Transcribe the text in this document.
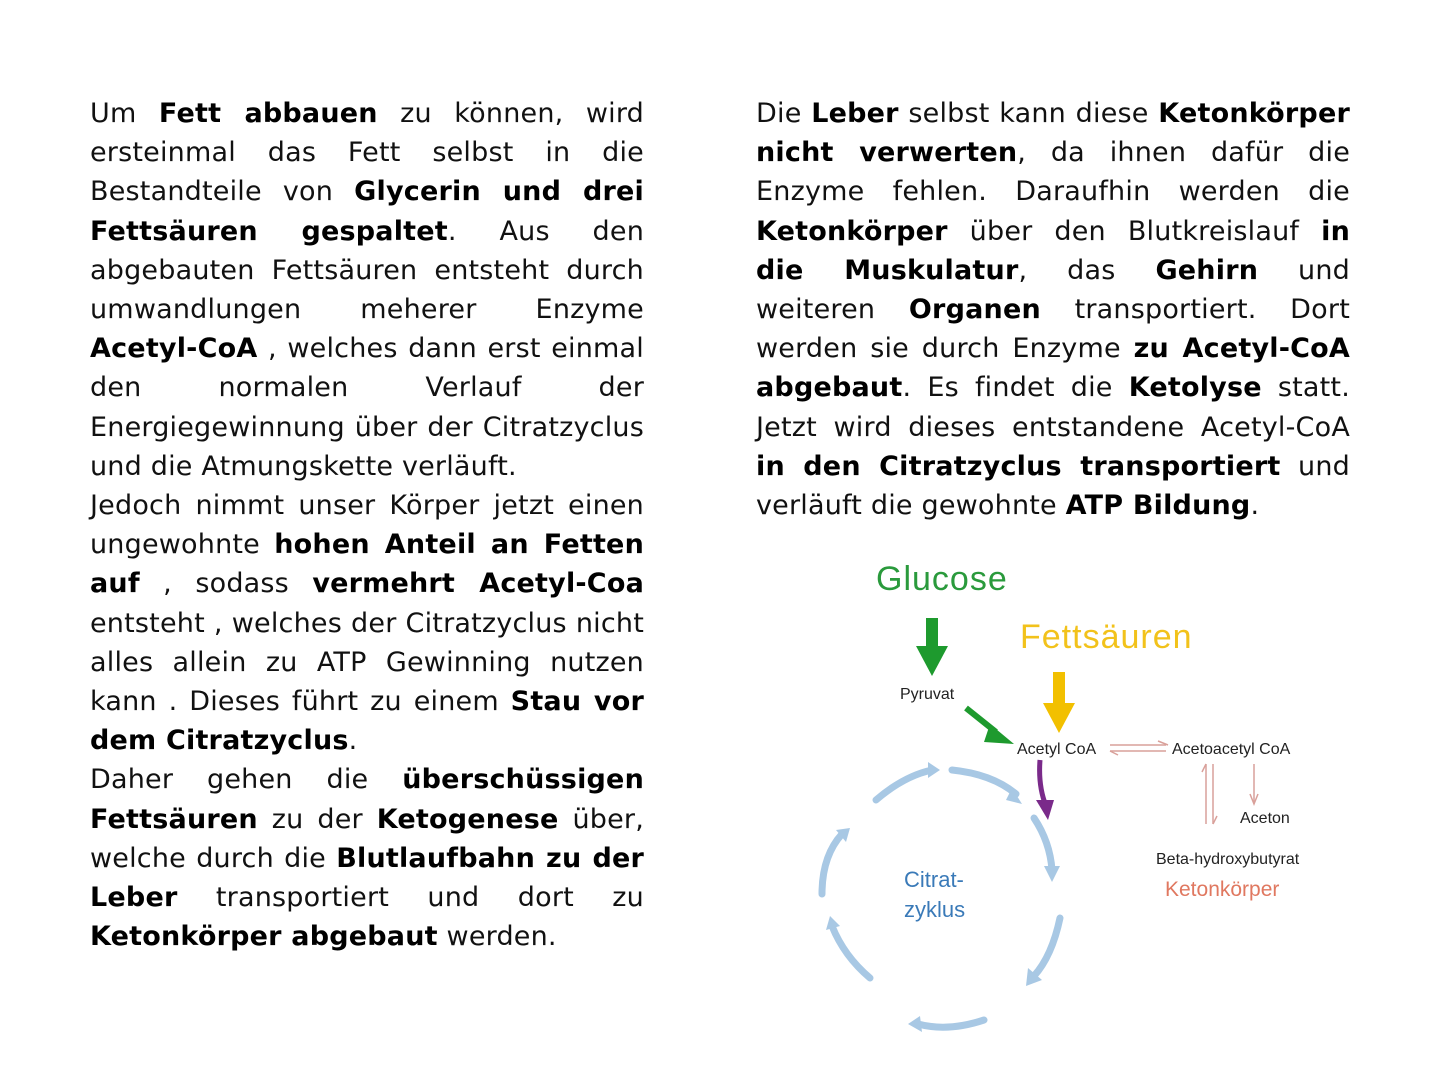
Um Fett abbauen zu können, wird ersteinmal das Fett selbst in die Bestandteile von Glycerin und drei Fettsäuren gespaltet. Aus den abgebauten Fettsäuren entsteht durch umwandlungen meherer Enzyme Acetyl-CoA , welches dann erst einmal den normalen Verlauf der Energiegewinnung über der Citratzyclus und die Atmungskette verläuft.

Jedoch nimmt unser Körper jetzt einen ungewohnte hohen Anteil an Fetten auf , sodass vermehrt Acetyl-Coa entsteht , welches der Citratzyclus nicht alles allein zu ATP Gewinning nutzen kann . Dieses führt zu einem Stau vor dem Citratzyclus.

Daher gehen die überschüssigen Fettsäuren zu der Ketogenese über, welche durch die Blutlaufbahn zu der Leber transportiert und dort zu Ketonkörper abgebaut werden.

Die Leber selbst kann diese Ketonkörper nicht verwerten, da ihnen dafür die Enzyme fehlen. Daraufhin werden die Ketonkörper über den Blutkreislauf in die Muskulatur, das Gehirn und weiteren Organen transportiert. Dort werden sie durch Enzyme zu Acetyl-CoA abgebaut. Es findet die Ketolyse statt. Jetzt wird dieses entstandene Acetyl-CoA in den Citratzyclus transportiert und verläuft die gewohnte ATP Bildung.

Glucose
Fettsäuren
Pyruvat
Acetyl CoA	Acetoacetyl CoA
Aceton
Beta-hydroxybutyrat
Ketonkörper
Citrat-
zyklus
